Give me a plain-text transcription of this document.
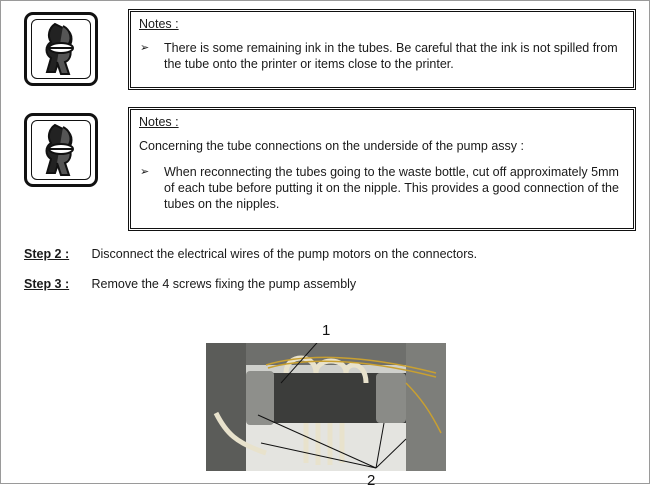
Notes :
➢	There is some remaining ink in the tubes. Be careful that the ink is not spilled from the tube onto the printer or items close to the printer.
Notes :
Concerning the tube connections on the underside of the pump assy :
➢	When reconnecting the tubes going to the waste bottle, cut off approximately 5mm of each tube before putting it on the nipple. This provides a good connection of the tubes on the nipples.
Step 2 : Disconnect the electrical wires of the pump motors on the connectors.
Step 3 : Remove the 4 screws fixing the pump assembly
1
2
